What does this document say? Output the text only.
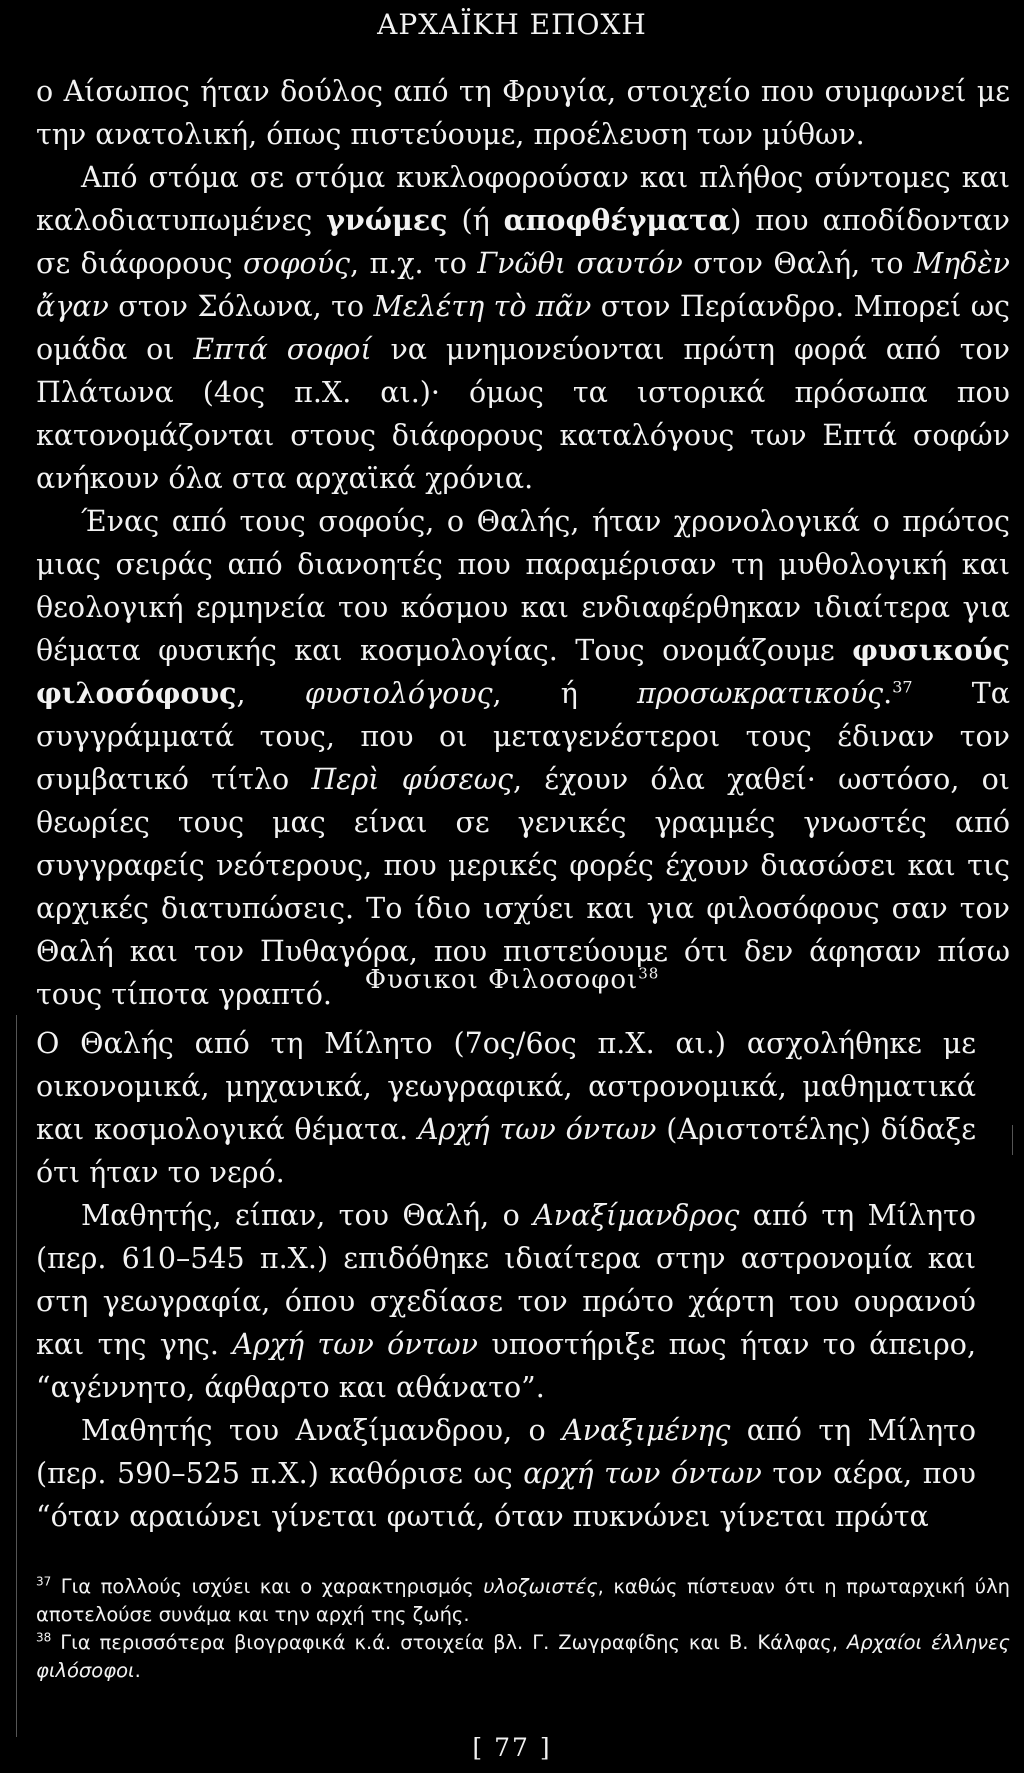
ΑΡΧΑΪΚΗ ΕΠΟΧΗ

ο Αίσωπος ήταν δούλος από τη Φρυγία, στοιχείο που συμφωνεί με την ανατολική, όπως πιστεύουμε, προέλευση των μύθων.

Από στόμα σε στόμα κυκλοφορούσαν και πλήθος σύντομες και καλοδιατυπωμένες γνώμες (ή αποφθέγματα) που αποδίδονταν σε διάφορους σοφούς, π.χ. το Γνῶθι σαυτόν στον Θαλή, το Μηδὲν ἄγαν στον Σόλωνα, το Μελέτη τὸ πᾶν στον Περίανδρο. Μπορεί ως ομάδα οι Επτά σοφοί να μνημονεύονται πρώτη φορά από τον Πλάτωνα (4ος π.Χ. αι.)· όμως τα ιστορικά πρόσωπα που κατονομάζονται στους διάφορους καταλόγους των Επτά σοφών ανήκουν όλα στα αρχαϊκά χρόνια.

Ένας από τους σοφούς, ο Θαλής, ήταν χρονολογικά ο πρώτος μιας σειράς από διανοητές που παραμέρισαν τη μυθολογική και θεολογική ερμηνεία του κόσμου και ενδιαφέρθηκαν ιδιαίτερα για θέματα φυσικής και κοσμολογίας. Τους ονομάζουμε φυσικούς φιλοσόφους, φυσιολόγους, ή προσωκρατικούς.$^{37}$ Τα συγγράμματά τους, που οι μεταγενέστεροι τους έδιναν τον συμβατικό τίτλο Περὶ φύσεως, έχουν όλα χαθεί· ωστόσο, οι θεωρίες τους μας είναι σε γενικές γραμμές γνωστές από συγγραφείς νεότερους, που μερικές φορές έχουν διασώσει και τις αρχικές διατυπώσεις. Το ίδιο ισχύει και για φιλοσόφους σαν τον Θαλή και τον Πυθαγόρα, που πιστεύουμε ότι δεν άφησαν πίσω τους τίποτα γραπτό.	Φυσικοι Φιλοσοφοι$^{38}$

Ο Θαλής από τη Μίλητο (7ος/6ος π.Χ. αι.) ασχολήθηκε με οικονομικά, μηχανικά, γεωγραφικά, αστρονομικά, μαθηματικά και κοσμολογικά θέματα. Αρχή των όντων (Αριστοτέλης) δίδαξε ότι ήταν το νερό.

Μαθητής, είπαν, του Θαλή, ο Αναξίμανδρος από τη Μίλητο (περ. 610–545 π.Χ.) επιδόθηκε ιδιαίτερα στην αστρονομία και στη γεωγραφία, όπου σχεδίασε τον πρώτο χάρτη του ουρανού και της γης. Αρχή των όντων υποστήριξε πως ήταν το άπειρο, “αγέννητο, άφθαρτο και αθάνατο”.

Μαθητής του Αναξίμανδρου, ο Αναξιμένης από τη Μίλητο (περ. 590–525 π.Χ.) καθόρισε ως αρχή των όντων τον αέρα, που “όταν αραιώνει γίνεται φωτιά, όταν πυκνώνει γίνεται πρώτα

$^{37}$ Για πολλούς ισχύει και ο χαρακτηρισμός υλοζωιστές, καθώς πίστευαν ότι η πρωταρχική ύλη αποτελούσε συνάμα και την αρχή της ζωής.

$^{38}$ Για περισσότερα βιογραφικά κ.ά. στοιχεία βλ. Γ. Ζωγραφίδης και Β. Κάλφας, Αρχαίοι έλληνες φιλόσοφοι.

[ 77 ]
